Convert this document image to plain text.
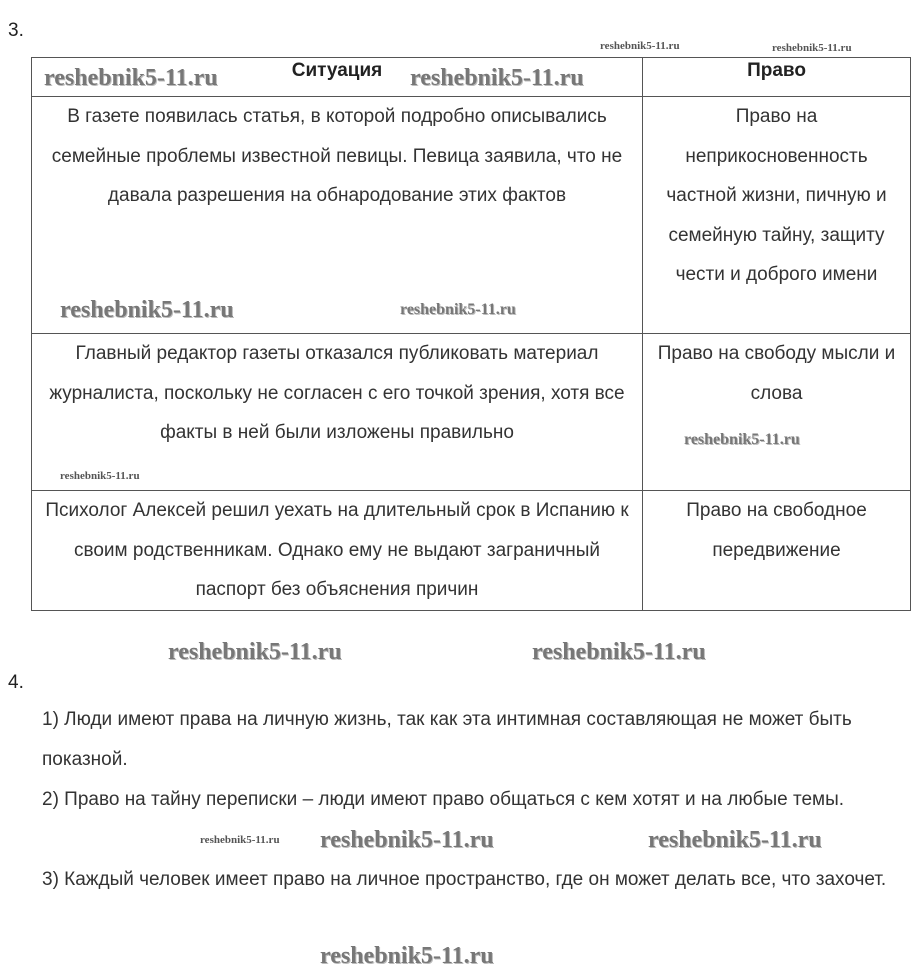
3.
Ситуация	Право
В газете появилась статья, в которой подробно описывались семейные проблемы известной певицы. Певица заявила, что не давала разрешения на обнародование этих фактов	Право на неприкосновенность частной жизни, пичную и семейную тайну, защиту чести и доброго имени
Главный редактор газеты отказался публиковать материал журналиста, поскольку не согласен с его точкой зрения, хотя все факты в ней были изложены правильно	Право на свободу мысли и слова
Психолог Алексей решил уехать на длительный срок в Испанию к своим родственникам. Однако ему не выдают заграничный паспорт без объяснения причин	Право на свободное передвижение
4.
1) Люди имеют права на личную жизнь, так как эта интимная составляющая не может быть показной.
2) Право на тайну переписки – люди имеют право общаться с кем хотят и на любые темы.
3) Каждый человек имеет право на личное пространство, где он может делать все, что захочет.
reshebnik5-11.ru	reshebnik5-11.ru
reshebnik5-11.ru
reshebnik5-11.ru
reshebnik5-11.ru
reshebnik5-11.ru
reshebnik5-11.ru
reshebnik5-11.ru
reshebnik5-11.ru
reshebnik5-11.ru	reshebnik5-11.ru
reshebnik5-11.ru reshebnik5-11.ru	reshebnik5-11.ru
